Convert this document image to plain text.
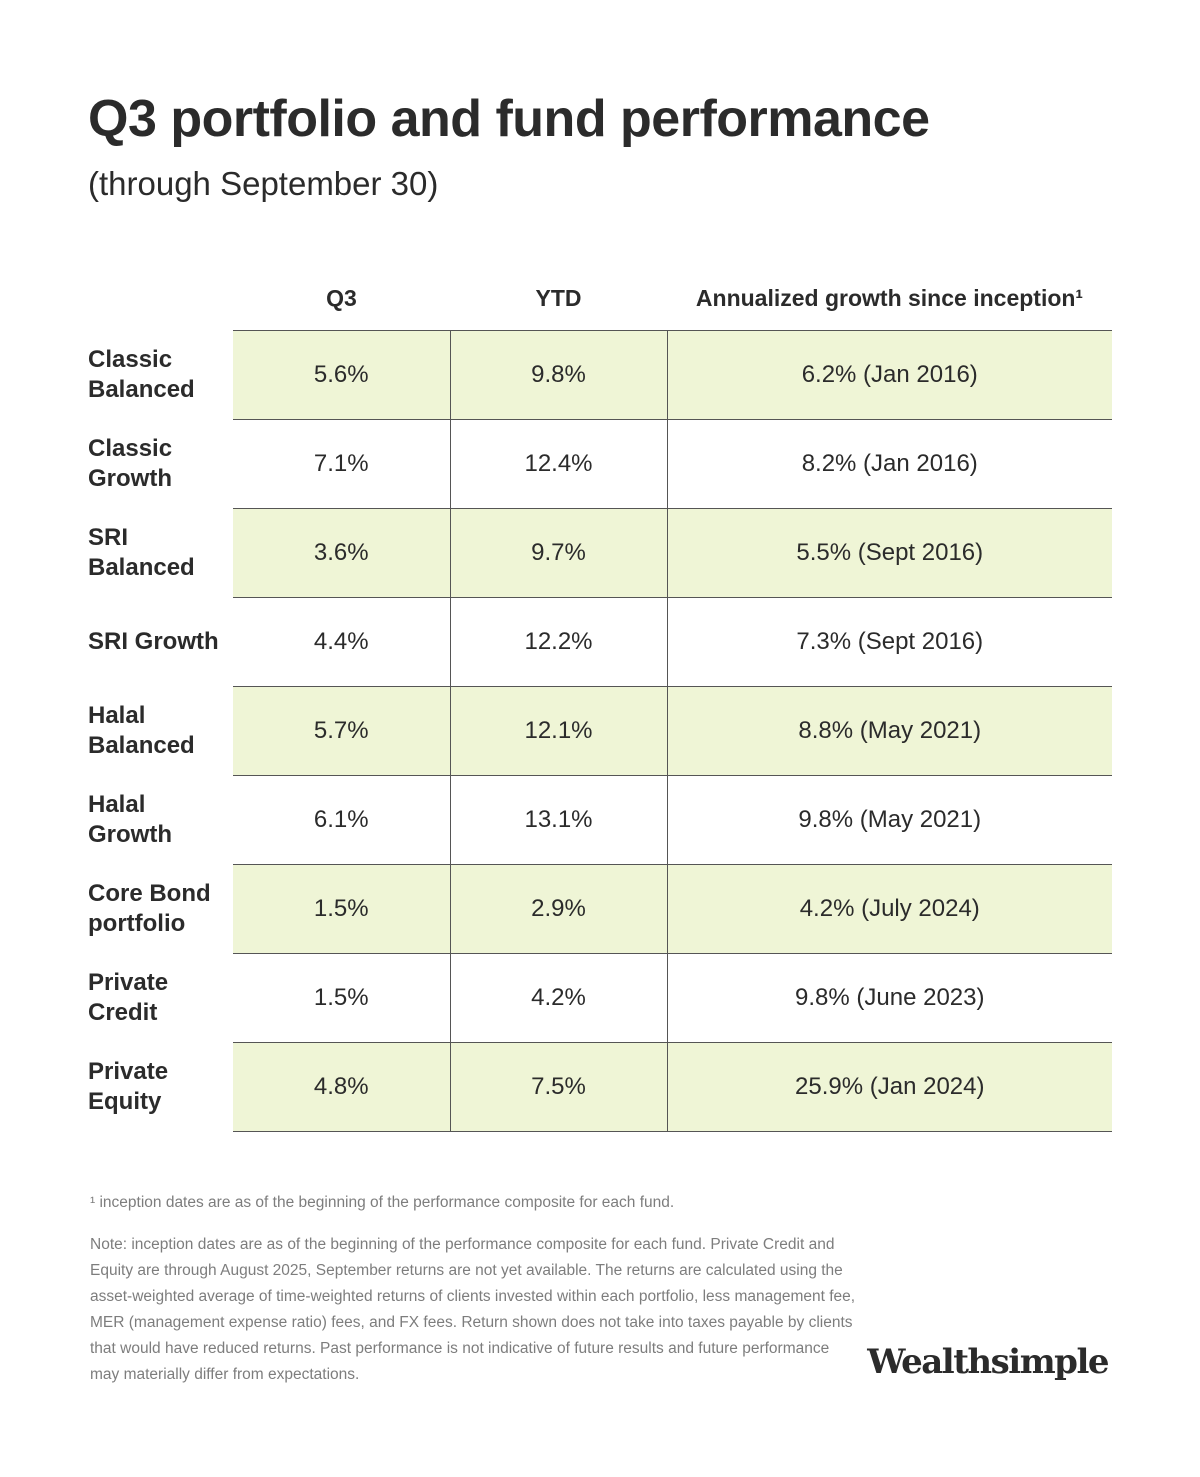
Q3 portfolio and fund performance

(through September 30)

	Q3	YTD	Annualized growth since inception¹
Classic Balanced	5.6%	9.8%	6.2% (Jan 2016)
Classic Growth	7.1%	12.4%	8.2% (Jan 2016)
SRI Balanced	3.6%	9.7%	5.5% (Sept 2016)
SRI Growth	4.4%	12.2%	7.3% (Sept 2016)
Halal Balanced	5.7%	12.1%	8.8% (May 2021)
Halal Growth	6.1%	13.1%	9.8% (May 2021)
Core Bond portfolio	1.5%	2.9%	4.2% (July 2024)
Private Credit	1.5%	4.2%	9.8% (June 2023)
Private Equity	4.8%	7.5%	25.9% (Jan 2024)

¹ inception dates are as of the beginning of the performance composite for each fund.

Note: inception dates are as of the beginning of the performance composite for each fund. Private Credit and Equity are through August 2025, September returns are not yet available. The returns are calculated using the asset-weighted average of time-weighted returns of clients invested within each portfolio, less management fee, MER (management expense ratio) fees, and FX fees. Return shown does not take into taxes payable by clients that would have reduced returns. Past performance is not indicative of future results and future performance may materially differ from expectations.	Wealthsimple
